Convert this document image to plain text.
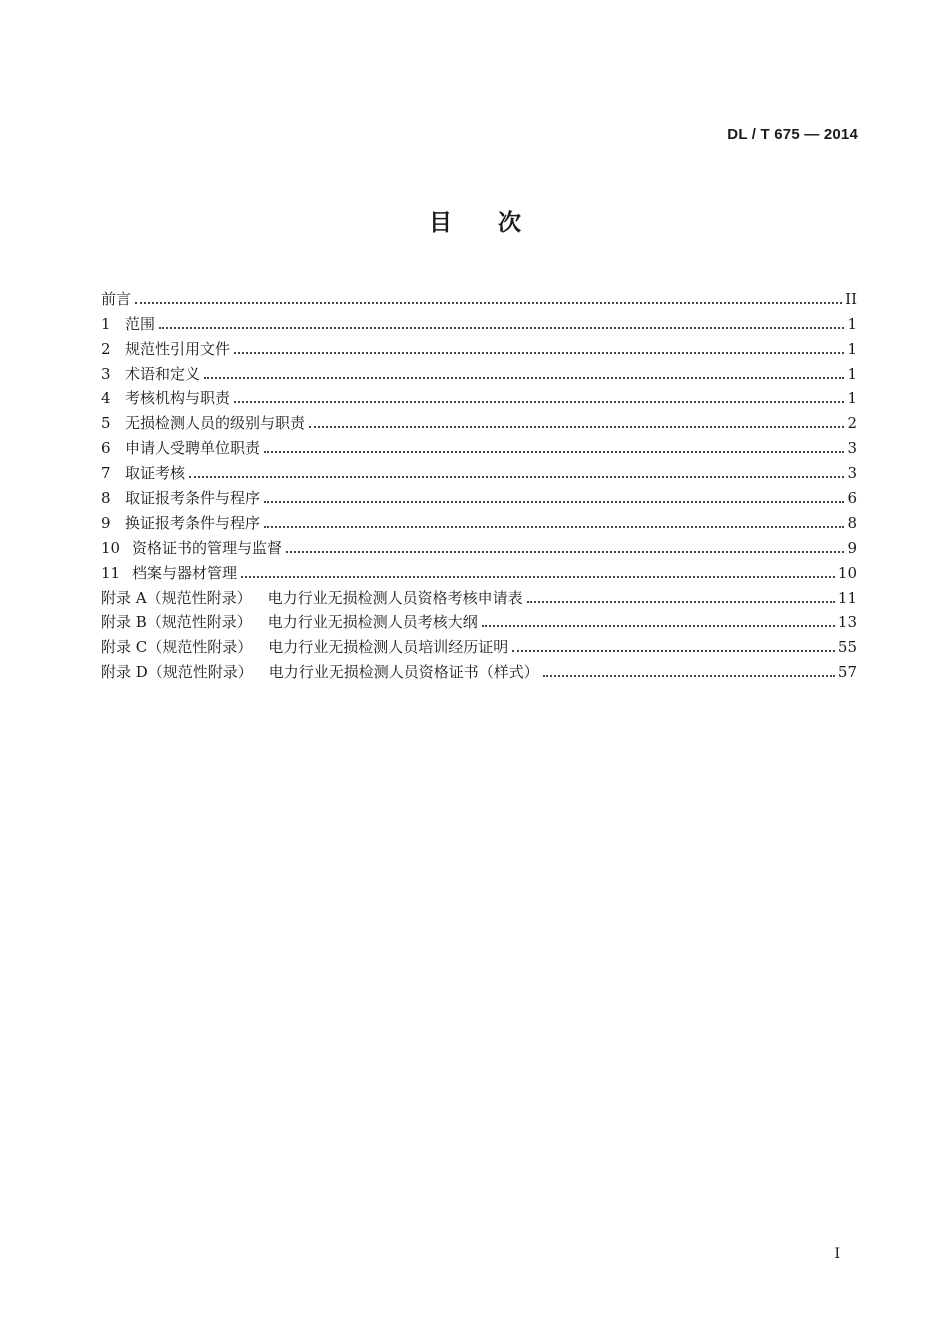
DL / T 675 — 2014
目 次
前言	II
1 范围	1
2 规范性引用文件	1
3 术语和定义	1
4 考核机构与职责	1
5 无损检测人员的级别与职责	2
6 申请人受聘单位职责	3
7 取证考核	3
8 取证报考条件与程序	6
9 换证报考条件与程序	8
10 资格证书的管理与监督	9
11 档案与器材管理	10
附录 A（规范性附录） 电力行业无损检测人员资格考核申请表	11
附录 B（规范性附录） 电力行业无损检测人员考核大纲	13
附录 C（规范性附录） 电力行业无损检测人员培训经历证明	55
附录 D（规范性附录） 电力行业无损检测人员资格证书（样式）	57
I
